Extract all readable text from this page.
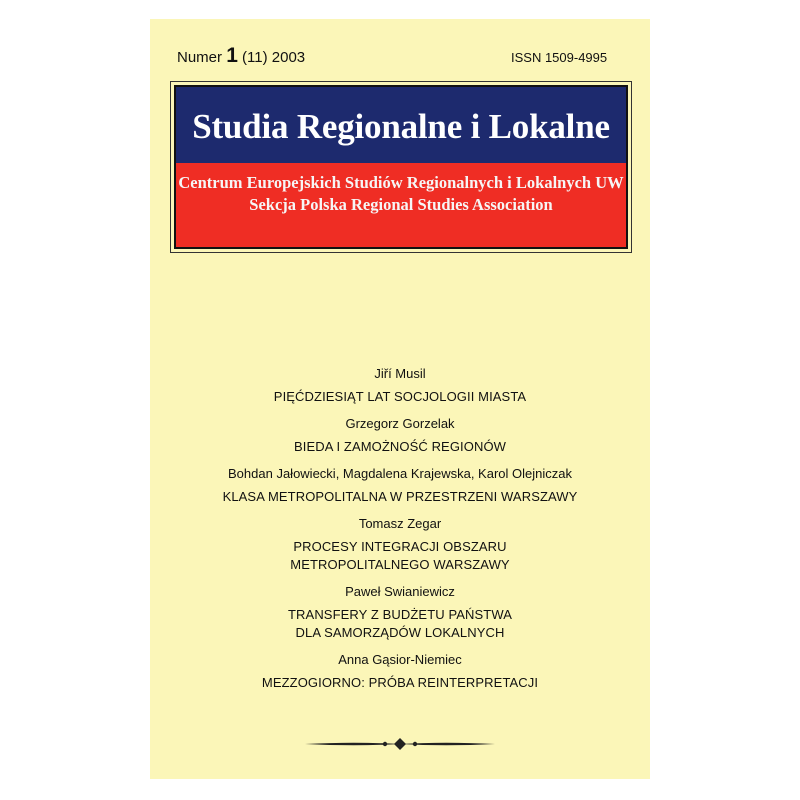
Numer 1 (11) 2003	ISSN 1509-4995
Studia Regionalne i Lokalne
Centrum Europejskich Studiów Regionalnych i Lokalnych UW
Sekcja Polska Regional Studies Association
Jiří Musil
PIĘĆDZIESIĄT LAT SOCJOLOGII MIASTA
Grzegorz Gorzelak
BIEDA I ZAMOŻNOŚĆ REGIONÓW
Bohdan Jałowiecki, Magdalena Krajewska, Karol Olejniczak
KLASA METROPOLITALNA W PRZESTRZENI WARSZAWY
Tomasz Zegar
PROCESY INTEGRACJI OBSZARU
METROPOLITALNEGO WARSZAWY
Paweł Swianiewicz
TRANSFERY Z BUDŻETU PAŃSTWA
DLA SAMORZĄDÓW LOKALNYCH
Anna Gąsior-Niemiec
MEZZOGIORNO: PRÓBA REINTERPRETACJI
